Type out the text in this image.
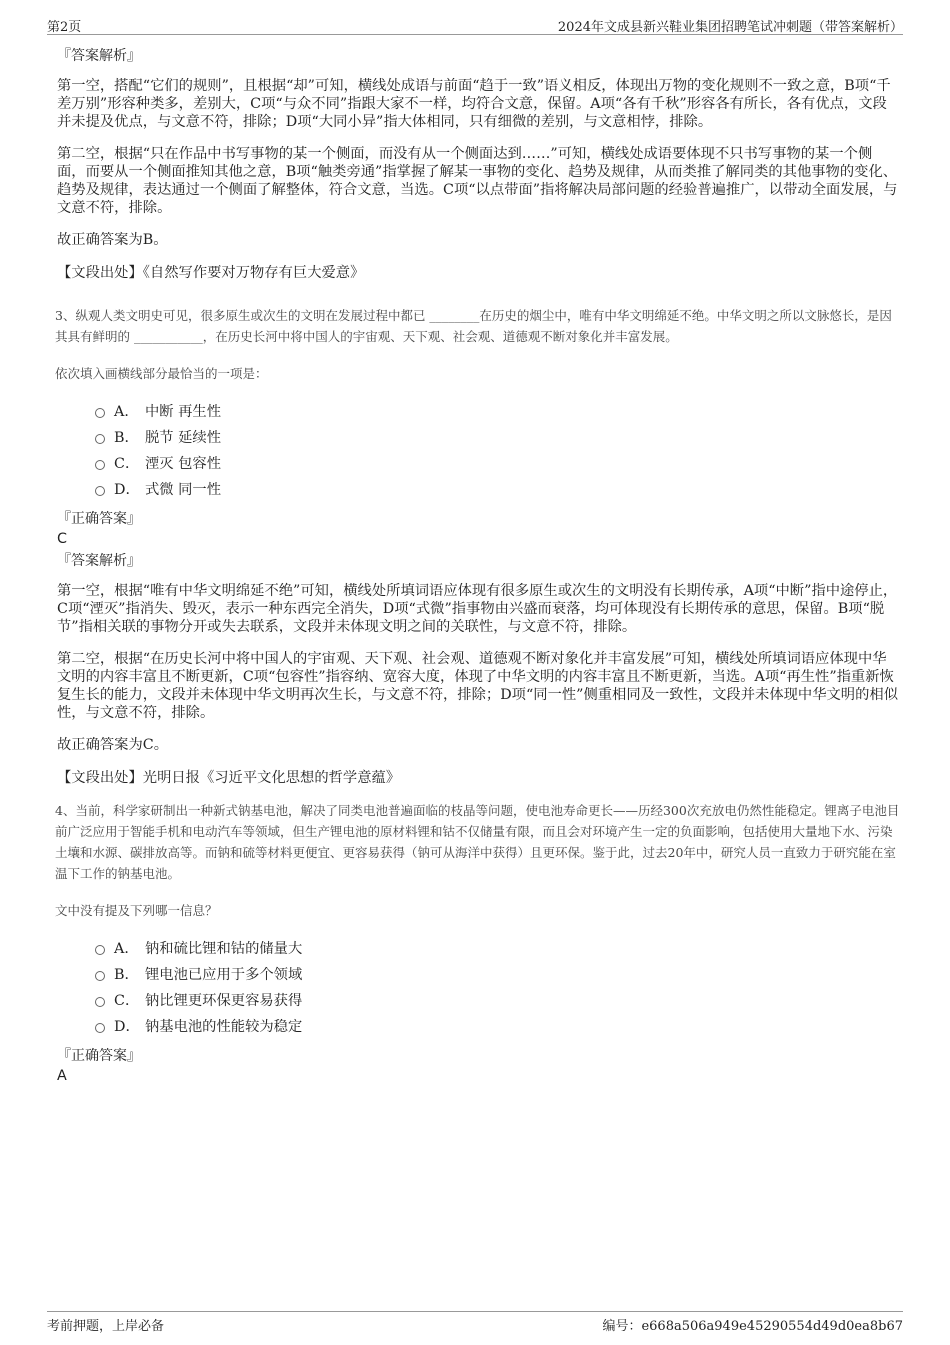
第2页	2024年文成县新兴鞋业集团招聘笔试冲刺题（带答案解析）

『答案解析』

第一空，搭配“它们的规则”，且根据“却”可知，横线处成语与前面“趋于一致”语义相反，体现出万物的变化规则不一致之意，B项“千差万别”形容种类多，差别大，C项“与众不同”指跟大家不一样，均符合文意，保留。A项“各有千秋”形容各有所长，各有优点，文段并未提及优点，与文意不符，排除；D项“大同小异”指大体相同，只有细微的差别，与文意相悖，排除。

第二空，根据“只在作品中书写事物的某一个侧面，而没有从一个侧面达到……”可知，横线处成语要体现不只书写事物的某一个侧面，而要从一个侧面推知其他之意，B项“触类旁通”指掌握了解某一事物的变化、趋势及规律，从而类推了解同类的其他事物的变化、趋势及规律，表达通过一个侧面了解整体，符合文意，当选。C项“以点带面”指将解决局部问题的经验普遍推广，以带动全面发展，与文意不符，排除。

故正确答案为B。

【文段出处】《自然写作要对万物存有巨大爱意》

3、纵观人类文明史可见，很多原生或次生的文明在发展过程中都已 ________在历史的烟尘中，唯有中华文明绵延不绝。中华文明之所以文脉悠长，是因其具有鲜明的 ___________，在历史长河中将中国人的宇宙观、天下观、社会观、道德观不断对象化并丰富发展。

依次填入画横线部分最恰当的一项是：
A． 中断 再生性
B． 脱节 延续性
C． 湮灭 包容性
D． 式微 同一性

『正确答案』

C

『答案解析』

第一空，根据“唯有中华文明绵延不绝”可知，横线处所填词语应体现有很多原生或次生的文明没有长期传承，A项“中断”指中途停止，C项“湮灭”指消失、毁灭，表示一种东西完全消失，D项“式微”指事物由兴盛而衰落，均可体现没有长期传承的意思，保留。B项“脱节”指相关联的事物分开或失去联系，文段并未体现文明之间的关联性，与文意不符，排除。

第二空，根据“在历史长河中将中国人的宇宙观、天下观、社会观、道德观不断对象化并丰富发展”可知，横线处所填词语应体现中华文明的内容丰富且不断更新，C项“包容性”指容纳、宽容大度，体现了中华文明的内容丰富且不断更新，当选。A项“再生性”指重新恢复生长的能力，文段并未体现中华文明再次生长，与文意不符，排除；D项“同一性”侧重相同及一致性，文段并未体现中华文明的相似性，与文意不符，排除。

故正确答案为C。

【文段出处】光明日报《习近平文化思想的哲学意蕴》

4、当前，科学家研制出一种新式钠基电池，解决了同类电池普遍面临的枝晶等问题，使电池寿命更长——历经300次充放电仍然性能稳定。锂离子电池目前广泛应用于智能手机和电动汽车等领域，但生产锂电池的原材料锂和钴不仅储量有限，而且会对环境产生一定的负面影响，包括使用大量地下水、污染土壤和水源、碳排放高等。而钠和硫等材料更便宜、更容易获得（钠可从海洋中获得）且更环保。鉴于此，过去20年中，研究人员一直致力于研究能在室温下工作的钠基电池。

文中没有提及下列哪一信息？
A． 钠和硫比锂和钴的储量大
B． 锂电池已应用于多个领域
C． 钠比锂更环保更容易获得
D． 钠基电池的性能较为稳定

『正确答案』

A

考前押题，上岸必备	编号：e668a506a949e45290554d49d0ea8b67
